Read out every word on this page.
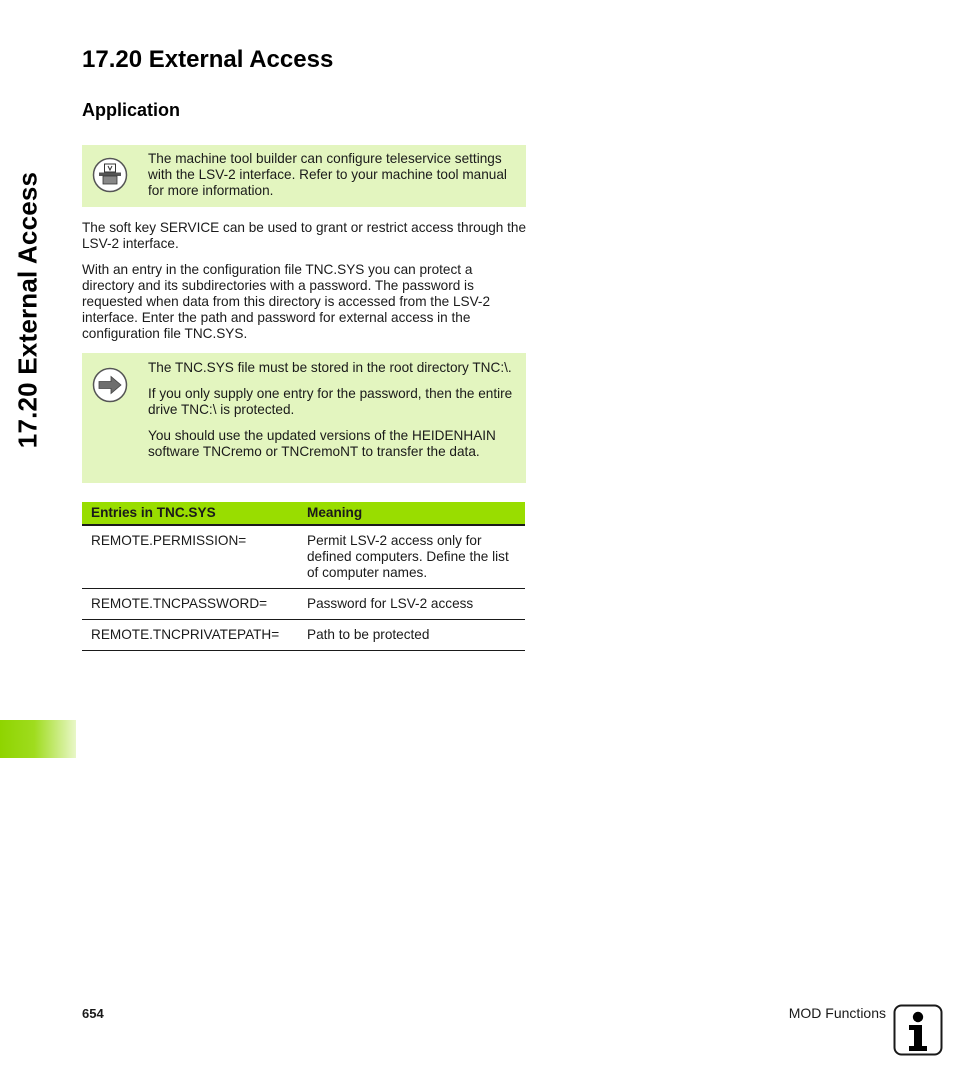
17.20 External Access
17.20 External Access
Application

The machine tool builder can configure teleservice settings with the LSV-2 interface. Refer to your machine tool manual for more information.

The soft key SERVICE can be used to grant or restrict access through the LSV-2 interface.

With an entry in the configuration file TNC.SYS you can protect a directory and its subdirectories with a password. The password is requested when data from this directory is accessed from the LSV-2 interface. Enter the path and password for external access in the configuration file TNC.SYS.

The TNC.SYS file must be stored in the root directory TNC:\.

If you only supply one entry for the password, then the entire drive TNC:\ is protected.

You should use the updated versions of the HEIDENHAIN software TNCremo or TNCremoNT to transfer the data.

Entries in TNC.SYS	Meaning
REMOTE.PERMISSION=	Permit LSV-2 access only for defined computers. Define the list of computer names.
REMOTE.TNCPASSWORD=	Password for LSV-2 access
REMOTE.TNCPRIVATEPATH=	Path to be protected
654	MOD Functions
